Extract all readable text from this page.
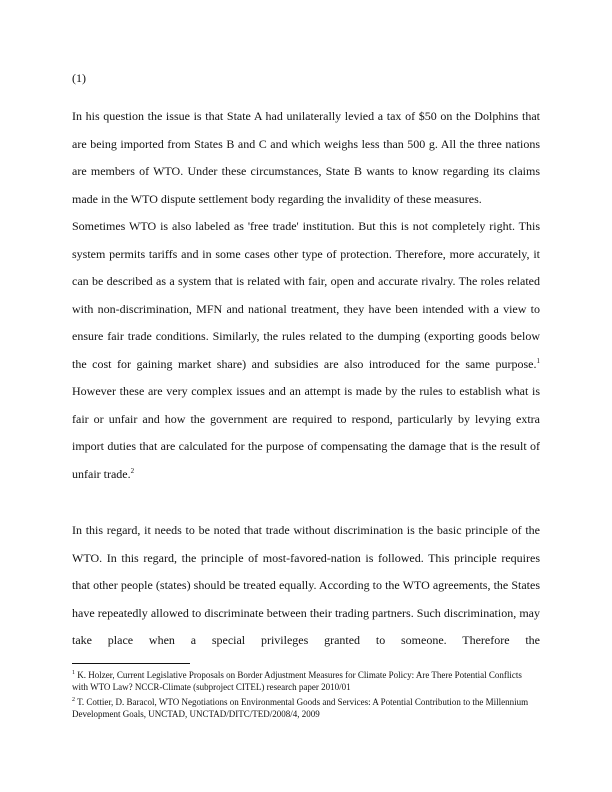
(1)

In his question the issue is that State A had unilaterally levied a tax of $50 on the Dolphins that are being imported from States B and C and which weighs less than 500 g. All the three nations are members of WTO. Under these circumstances, State B wants to know regarding its claims made in the WTO dispute settlement body regarding the invalidity of these measures.

Sometimes WTO is also labeled as 'free trade' institution. But this is not completely right. This system permits tariffs and in some cases other type of protection. Therefore, more accurately, it can be described as a system that is related with fair, open and accurate rivalry. The roles related with non-discrimination, MFN and national treatment, they have been intended with a view to ensure fair trade conditions. Similarly, the rules related to the dumping (exporting goods below the cost for gaining market share) and subsidies are also introduced for the same purpose.$^1$ However these are very complex issues and an attempt is made by the rules to establish what is fair or unfair and how the government are required to respond, particularly by levying extra import duties that are calculated for the purpose of compensating the damage that is the result of unfair trade.$^2$

In this regard, it needs to be noted that trade without discrimination is the basic principle of the WTO. In this regard, the principle of most-favored-nation is followed. This principle requires that other people (states) should be treated equally. According to the WTO agreements, the States have repeatedly allowed to discriminate between their trading partners. Such discrimination, may take place when a special privileges granted to someone. Therefore the

$^1$ K. Holzer, Current Legislative Proposals on Border Adjustment Measures for Climate Policy: Are There Potential Conflicts with WTO Law? NCCR-Climate (subproject CITEL) research paper 2010/01

$^2$ T. Cottier, D. Baracol, WTO Negotiations on Environmental Goods and Services: A Potential Contribution to the Millennium Development Goals, UNCTAD, UNCTAD/DITC/TED/2008/4, 2009
